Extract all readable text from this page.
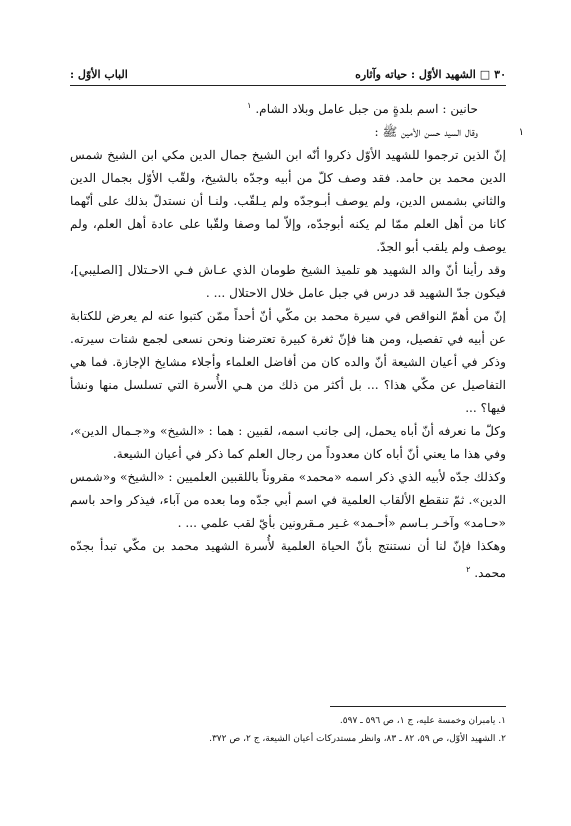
٣٠
□
الشهيد الأوّل : حياته وآثاره
الباب الأوّل :

حانين : اسم بلدةٍ من جبل عامل وبلاد الشام. $^١$

١
وقال السيد حسن الأمين ﷺ :

إنّ الذين ترجموا للشهيد الأوّل ذكروا أنّه ابن الشيخ جمال الدين مكي ابن الشيخ شمس الدين محمد بن حامد. فقد وصف كلّ من أبيه وجدّه بالشيخ، ولقّب الأوّل بجمال الدين والثاني بشمس الدين، ولم يوصف أبـوجدّه ولم يـلقّب. ولنـا أن نستدلّ بذلك على أنّهما كانا من أهل العلم ممّا لم يكنه أبوجدّه، وإلاّ لما وصفا ولقّبا على عادة أهل العلم، ولم يوصف ولم يلقب أبو الجدّ.

وقد رأينا أنّ والد الشهيد هو تلميذ الشيخ طومان الذي عـاش فـي الاحـتلال [الصليبي]، فيكون جدّ الشهيد قد درس في جبل عامل خلال الاحتلال ... .

إنّ من أهمّ النواقص في سيرة محمد بن مكّي أنّ أحداً ممّن كتبوا عنه لم يعرض للكتابة عن أبيه في تفصيل، ومن هنا فإنّ ثغرة كبيرة تعترضنا ونحن نسعى لجمع شتات سيرته. وذكر في أعيان الشيعة أنّ والده كان من أفاضل العلماء وأجلاء مشايخ الإجازة. فما هي التفاصيل عن مكّي هذا؟ ... بل أكثر من ذلك من هـي الأُسرة التي تسلسل منها ونشأ فيها؟ ...

وكلّ ما نعرفه أنّ أباه يحمل، إلى جانب اسمه، لقبين : هما : «الشيخ» و«جـمال الدين»، وفي هذا ما يعني أنّ أباه كان معدوداً من رجال العلم كما ذكر في أعيان الشيعة.

وكذلك جدّه لأبيه الذي ذكر اسمه «محمد» مقروناً باللقبين العلميين : «الشيخ» و«شمس الدين». ثمّ تنقطع الألقاب العلمية في اسم أبي جدّه وما بعده من آباء، فيذكر واحد باسم «حـامد» وآخـر بـاسم «أحـمد» غـير مـقرونين بأيّ لقب علمي ... .

وهكذا فإنّ لنا أن نستنتج بأنّ الحياة العلمية لأُسرة الشهيد محمد بن مكّي تبدأ بجدّه محمد. $^٢$

١. يامبران وخمسة عليه، ج ١، ص ٥٩٦ ـ ٥٩٧.

٢. الشهيد الأوّل، ص ٥٩، ٨٢ ـ ٨٣، وانظر مستدركات أعيان الشيعة، ج ٢، ص ٣٧٢.
